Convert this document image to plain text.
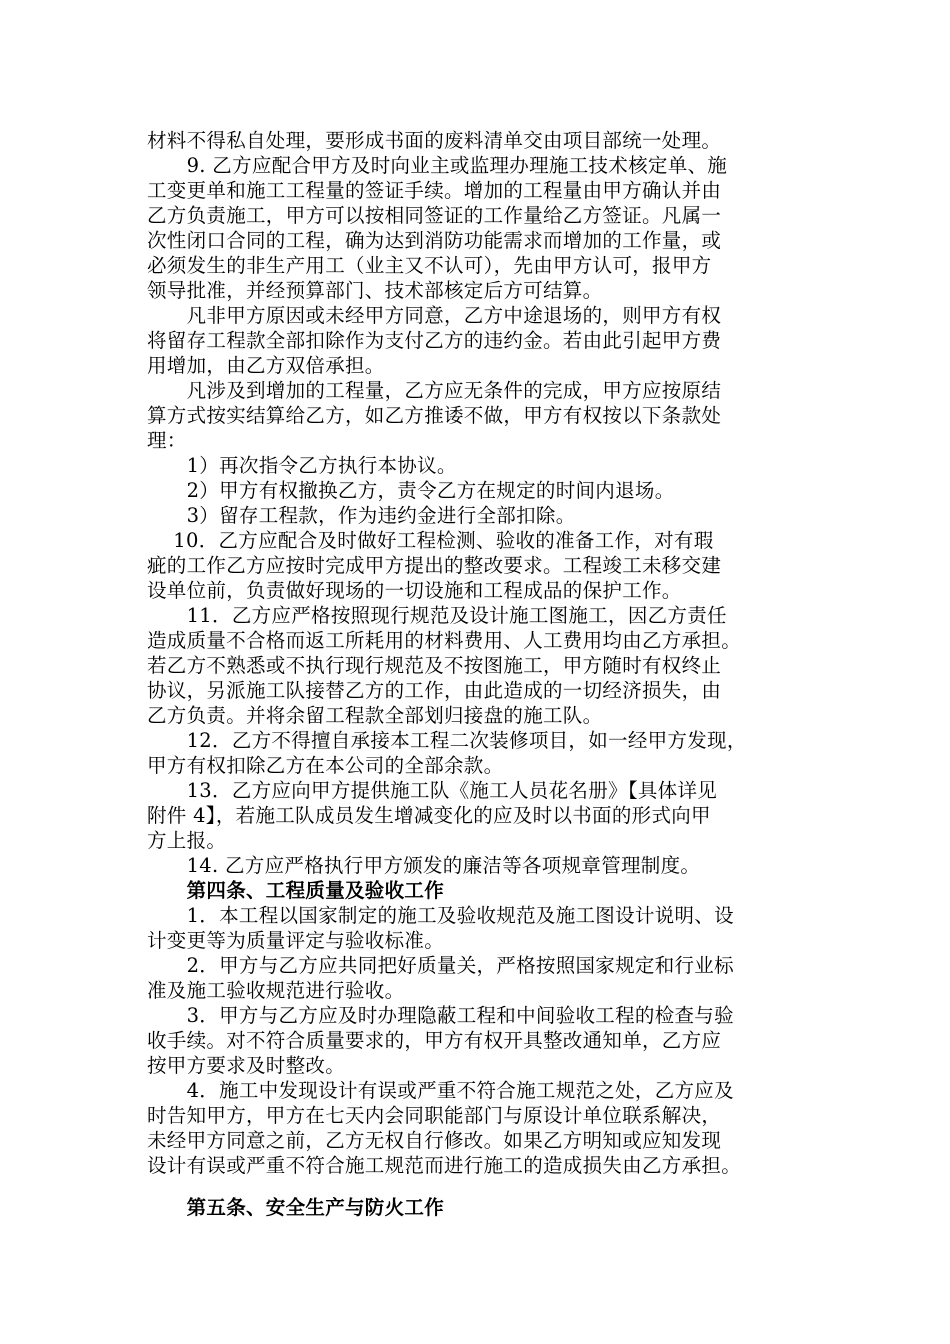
材料不得私自处理，要形成书面的废料清单交由项目部统一处理。

　　9. 乙方应配合甲方及时向业主或监理办理施工技术核定单、施

工变更单和施工工程量的签证手续。增加的工程量由甲方确认并由

乙方负责施工，甲方可以按相同签证的工作量给乙方签证。凡属一

次性闭口合同的工程，确为达到消防功能需求而增加的工作量，或

必须发生的非生产用工（业主又不认可），先由甲方认可，报甲方

领导批准，并经预算部门、技术部核定后方可结算。

　　凡非甲方原因或未经甲方同意，乙方中途退场的，则甲方有权

将留存工程款全部扣除作为支付乙方的违约金。若由此引起甲方费

用增加，由乙方双倍承担。

　　凡涉及到增加的工程量，乙方应无条件的完成，甲方应按原结

算方式按实结算给乙方，如乙方推诿不做，甲方有权按以下条款处

理：

　　1）再次指令乙方执行本协议。

　　2）甲方有权撤换乙方，责令乙方在规定的时间内退场。

　　3）留存工程款，作为违约金进行全部扣除。

　 10．乙方应配合及时做好工程检测、验收的准备工作，对有瑕

疵的工作乙方应按时完成甲方提出的整改要求。工程竣工未移交建

设单位前，负责做好现场的一切设施和工程成品的保护工作。

　　11．乙方应严格按照现行规范及设计施工图施工，因乙方责任

造成质量不合格而返工所耗用的材料费用、人工费用均由乙方承担。

若乙方不熟悉或不执行现行规范及不按图施工，甲方随时有权终止

协议，另派施工队接替乙方的工作，由此造成的一切经济损失，由

乙方负责。并将余留工程款全部划归接盘的施工队。

　　12．乙方不得擅自承接本工程二次装修项目，如一经甲方发现，

甲方有权扣除乙方在本公司的全部余款。

　　13．乙方应向甲方提供施工队《施工人员花名册》【具体详见

附件 4】，若施工队成员发生增减变化的应及时以书面的形式向甲

方上报。

　　14. 乙方应严格执行甲方颁发的廉洁等各项规章管理制度。

　　第四条、工程质量及验收工作

　　1．本工程以国家制定的施工及验收规范及施工图设计说明、设

计变更等为质量评定与验收标准。

　　2．甲方与乙方应共同把好质量关，严格按照国家规定和行业标

准及施工验收规范进行验收。

　　3．甲方与乙方应及时办理隐蔽工程和中间验收工程的检查与验

收手续。对不符合质量要求的，甲方有权开具整改通知单，乙方应

按甲方要求及时整改。

　　4．施工中发现设计有误或严重不符合施工规范之处，乙方应及

时告知甲方，甲方在七天内会同职能部门与原设计单位联系解决，

未经甲方同意之前，乙方无权自行修改。如果乙方明知或应知发现

设计有误或严重不符合施工规范而进行施工的造成损失由乙方承担。

　　第五条、安全生产与防火工作
